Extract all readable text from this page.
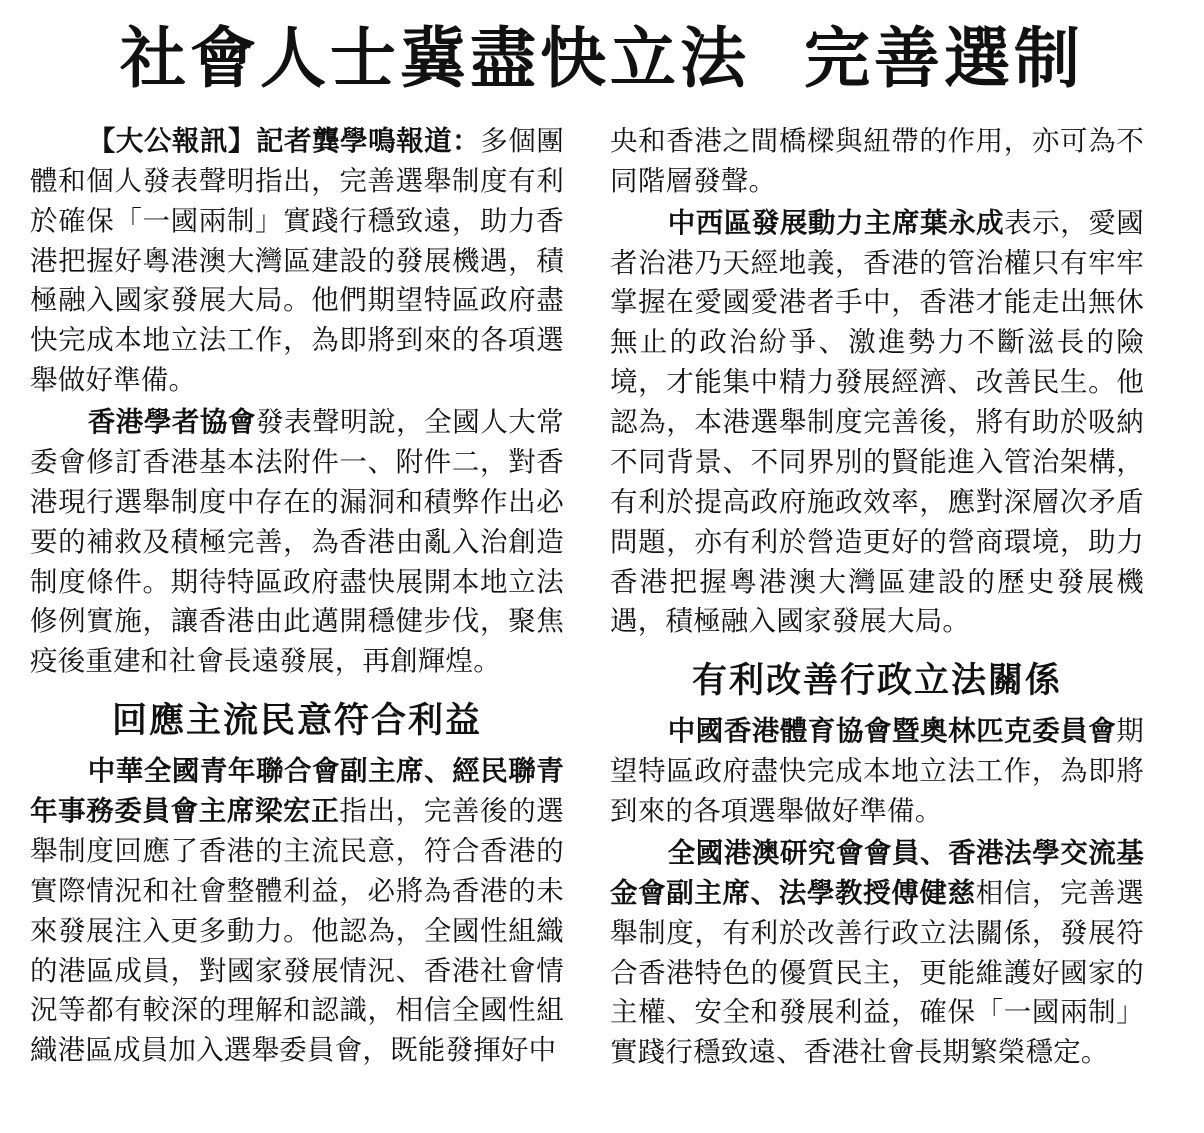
社會人士冀盡快立法  完善選制

【大公報訊】記者龔學鳴報道：多個團體和個人發表聲明指出，完善選舉制度有利於確保「一國兩制」實踐行穩致遠，助力香港把握好粵港澳大灣區建設的發展機遇，積極融入國家發展大局。他們期望特區政府盡快完成本地立法工作，為即將到來的各項選舉做好準備。

香港學者協會發表聲明說，全國人大常委會修訂香港基本法附件一、附件二，對香港現行選舉制度中存在的漏洞和積弊作出必要的補救及積極完善，為香港由亂入治創造制度條件。期待特區政府盡快展開本地立法修例實施，讓香港由此邁開穩健步伐，聚焦疫後重建和社會長遠發展，再創輝煌。

回應主流民意符合利益

中華全國青年聯合會副主席、經民聯青年事務委員會主席梁宏正指出，完善後的選舉制度回應了香港的主流民意，符合香港的實際情況和社會整體利益，必將為香港的未來發展注入更多動力。他認為，全國性組織的港區成員，對國家發展情況、香港社會情況等都有較深的理解和認識，相信全國性組織港區成員加入選舉委員會，既能發揮好中

央和香港之間橋樑與紐帶的作用，亦可為不同階層發聲。

中西區發展動力主席葉永成表示，愛國者治港乃天經地義，香港的管治權只有牢牢掌握在愛國愛港者手中，香港才能走出無休無止的政治紛爭、激進勢力不斷滋長的險境，才能集中精力發展經濟、改善民生。他認為，本港選舉制度完善後，將有助於吸納不同背景、不同界別的賢能進入管治架構，有利於提高政府施政效率，應對深層次矛盾問題，亦有利於營造更好的營商環境，助力香港把握粵港澳大灣區建設的歷史發展機遇，積極融入國家發展大局。

有利改善行政立法關係

中國香港體育協會暨奧林匹克委員會期望特區政府盡快完成本地立法工作，為即將到來的各項選舉做好準備。

全國港澳研究會會員、香港法學交流基金會副主席、法學教授傅健慈相信，完善選舉制度，有利於改善行政立法關係，發展符合香港特色的優質民主，更能維護好國家的主權、安全和發展利益，確保「一國兩制」實踐行穩致遠、香港社會長期繁榮穩定。
